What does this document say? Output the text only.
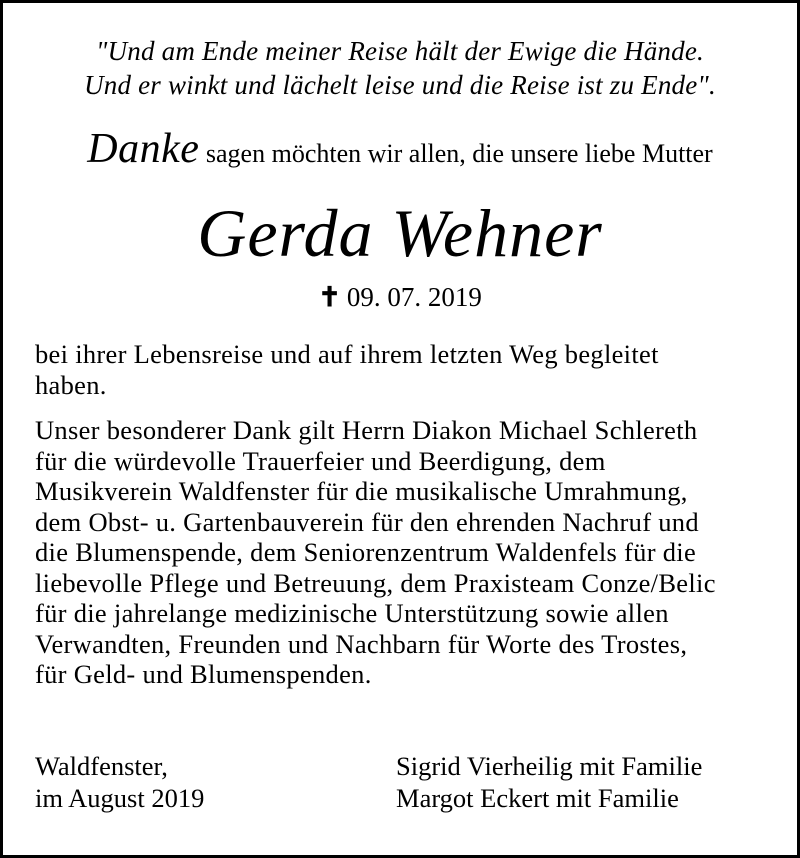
"Und am Ende meiner Reise hält der Ewige die Hände.
Und er winkt und lächelt leise und die Reise ist zu Ende".
Danke sagen möchten wir allen, die unsere liebe Mutter
Gerda Wehner
✝ 09. 07. 2019
bei ihrer Lebensreise und auf ihrem letzten Weg begleitet
haben.
Unser besonderer Dank gilt Herrn Diakon Michael Schlereth
für die würdevolle Trauerfeier und Beerdigung, dem
Musikverein Waldfenster für die musikalische Umrahmung,
dem Obst- u. Gartenbauverein für den ehrenden Nachruf und
die Blumenspende, dem Seniorenzentrum Waldenfels für die
liebevolle Pflege und Betreuung, dem Praxisteam Conze/Belic
für die jahrelange medizinische Unterstützung sowie allen
Verwandten, Freunden und Nachbarn für Worte des Trostes,
für Geld- und Blumenspenden.
Waldfenster,
im August 2019
Sigrid Vierheilig mit Familie
Margot Eckert mit Familie
